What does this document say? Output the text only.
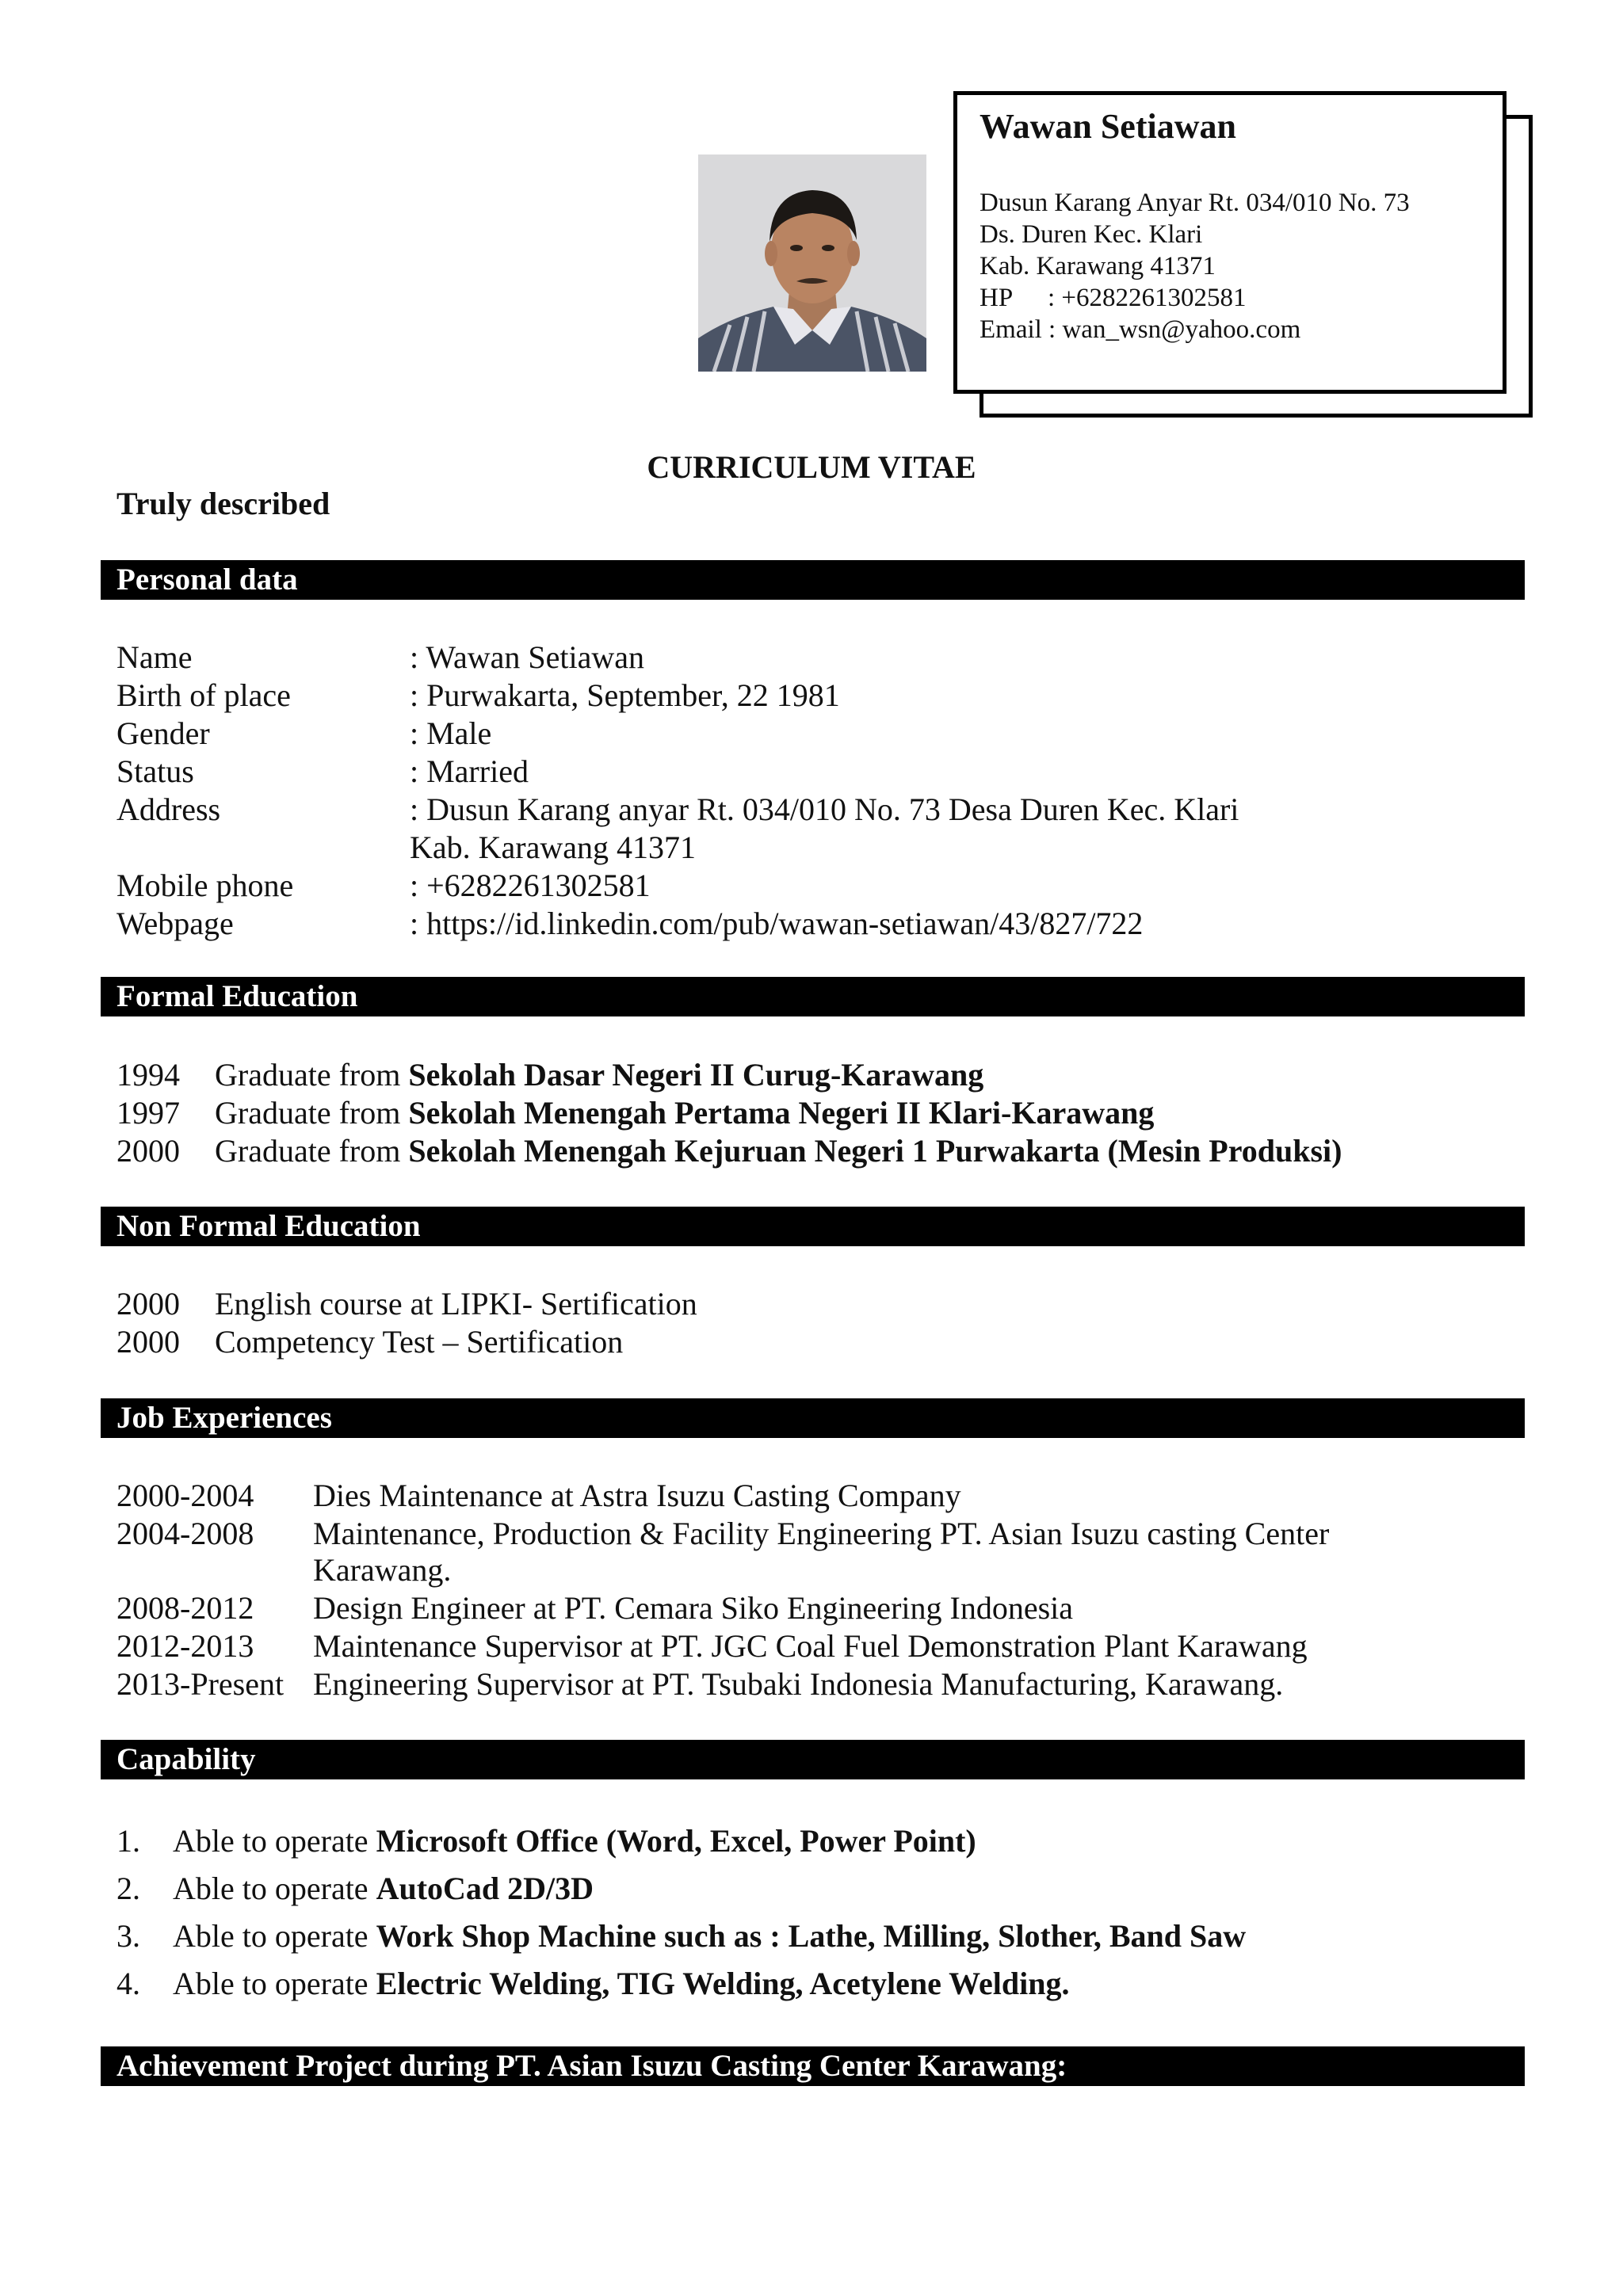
Wawan Setiawan
Dusun Karang Anyar Rt. 034/010 No. 73
Ds. Duren Kec. Klari
Kab. Karawang 41371
HP : +6282261302581
Email : wan_wsn@yahoo.com
CURRICULUM VITAE
Truly described
Personal data
Name	: Wawan Setiawan
Birth of place	: Purwakarta, September, 22 1981
Gender	: Male
Status	: Married
Address	: Dusun Karang anyar Rt. 034/010 No. 73 Desa Duren Kec. Klari
Kab. Karawang 41371
Mobile phone	: +6282261302581
Webpage	: https://id.linkedin.com/pub/wawan-setiawan/43/827/722
Formal Education
1994 Graduate from Sekolah Dasar Negeri II Curug-Karawang
1997 Graduate from Sekolah Menengah Pertama Negeri II Klari-Karawang
2000 Graduate from Sekolah Menengah Kejuruan Negeri 1 Purwakarta (Mesin Produksi)
Non Formal Education
2000 English course at LIPKI- Sertification
2000 Competency Test – Sertification
Job Experiences
2000-2004 Dies Maintenance at Astra Isuzu Casting Company
2004-2008 Maintenance, Production & Facility Engineering PT. Asian Isuzu casting Center
Karawang.
2008-2012 Design Engineer at PT. Cemara Siko Engineering Indonesia
2012-2013 Maintenance Supervisor at PT. JGC Coal Fuel Demonstration Plant Karawang
2013-Present Engineering Supervisor at PT. Tsubaki Indonesia Manufacturing, Karawang.
Capability
1. Able to operate Microsoft Office (Word, Excel, Power Point)
2. Able to operate AutoCad 2D/3D
3. Able to operate Work Shop Machine such as : Lathe, Milling, Slother, Band Saw
4. Able to operate Electric Welding, TIG Welding, Acetylene Welding.
Achievement Project during PT. Asian Isuzu Casting Center Karawang:
